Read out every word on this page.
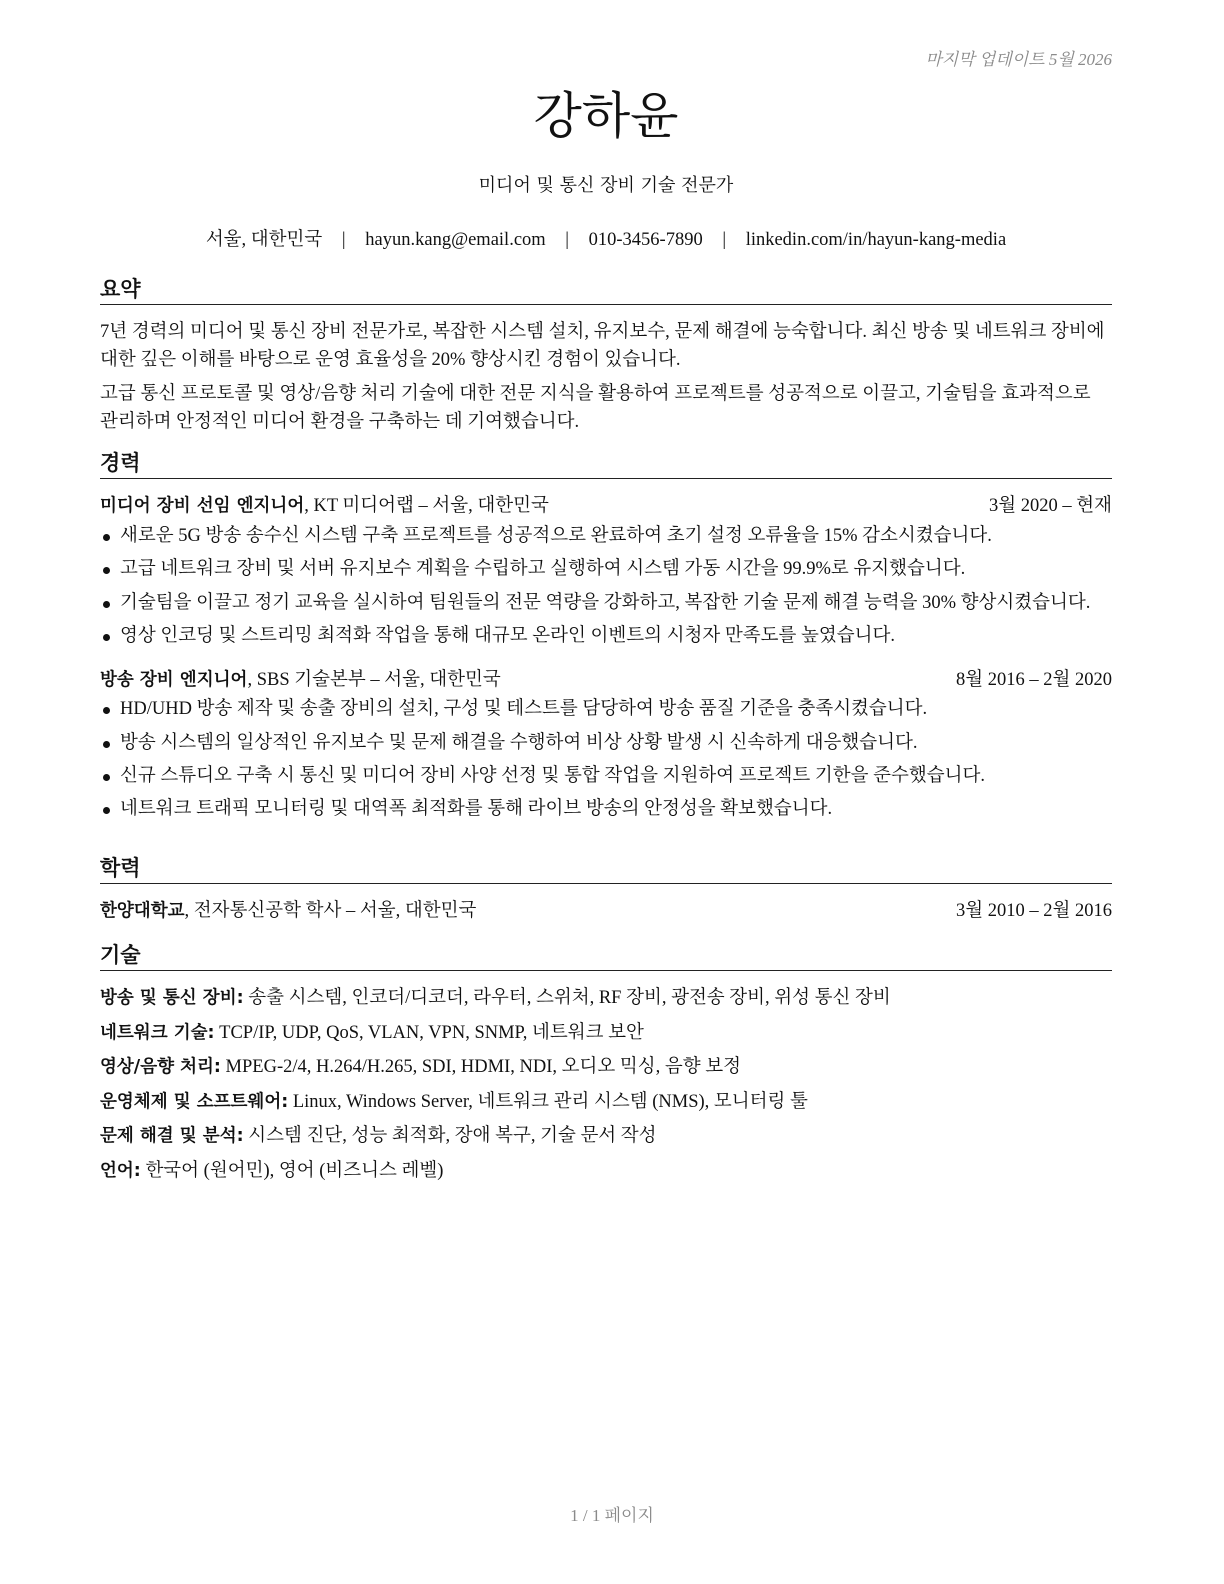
마지막 업데이트 5월 2026
강하윤
미디어 및 통신 장비 기술 전문가
서울, 대한민국 | hayun.kang@email.com | 010-3456-7890 | linkedin.com/in/hayun-kang-media
요약

7년 경력의 미디어 및 통신 장비 전문가로, 복잡한 시스템 설치, 유지보수, 문제 해결에 능숙합니다. 최신 방송 및 네트워크 장비에 대한 깊은 이해를 바탕으로 운영 효율성을 20% 향상시킨 경험이 있습니다.

고급 통신 프로토콜 및 영상/음향 처리 기술에 대한 전문 지식을 활용하여 프로젝트를 성공적으로 이끌고, 기술팀을 효과적으로 관리하며 안정적인 미디어 환경을 구축하는 데 기여했습니다.

경력
미디어 장비 선임 엔지니어, KT 미디어랩 – 서울, 대한민국	3월 2020 – 현재
새로운 5G 방송 송수신 시스템 구축 프로젝트를 성공적으로 완료하여 초기 설정 오류율을 15% 감소시켰습니다.
고급 네트워크 장비 및 서버 유지보수 계획을 수립하고 실행하여 시스템 가동 시간을 99.9%로 유지했습니다.
기술팀을 이끌고 정기 교육을 실시하여 팀원들의 전문 역량을 강화하고, 복잡한 기술 문제 해결 능력을 30% 향상시켰습니다.
영상 인코딩 및 스트리밍 최적화 작업을 통해 대규모 온라인 이벤트의 시청자 만족도를 높였습니다.
방송 장비 엔지니어, SBS 기술본부 – 서울, 대한민국	8월 2016 – 2월 2020
HD/UHD 방송 제작 및 송출 장비의 설치, 구성 및 테스트를 담당하여 방송 품질 기준을 충족시켰습니다.
방송 시스템의 일상적인 유지보수 및 문제 해결을 수행하여 비상 상황 발생 시 신속하게 대응했습니다.
신규 스튜디오 구축 시 통신 및 미디어 장비 사양 선정 및 통합 작업을 지원하여 프로젝트 기한을 준수했습니다.
네트워크 트래픽 모니터링 및 대역폭 최적화를 통해 라이브 방송의 안정성을 확보했습니다.
학력
한양대학교, 전자통신공학 학사 – 서울, 대한민국	3월 2010 – 2월 2016
기술
방송 및 통신 장비: 송출 시스템, 인코더/디코더, 라우터, 스위처, RF 장비, 광전송 장비, 위성 통신 장비
네트워크 기술: TCP/IP, UDP, QoS, VLAN, VPN, SNMP, 네트워크 보안
영상/음향 처리: MPEG-2/4, H.264/H.265, SDI, HDMI, NDI, 오디오 믹싱, 음향 보정
운영체제 및 소프트웨어: Linux, Windows Server, 네트워크 관리 시스템 (NMS), 모니터링 툴
문제 해결 및 분석: 시스템 진단, 성능 최적화, 장애 복구, 기술 문서 작성
언어: 한국어 (원어민), 영어 (비즈니스 레벨)
1 / 1 페이지
